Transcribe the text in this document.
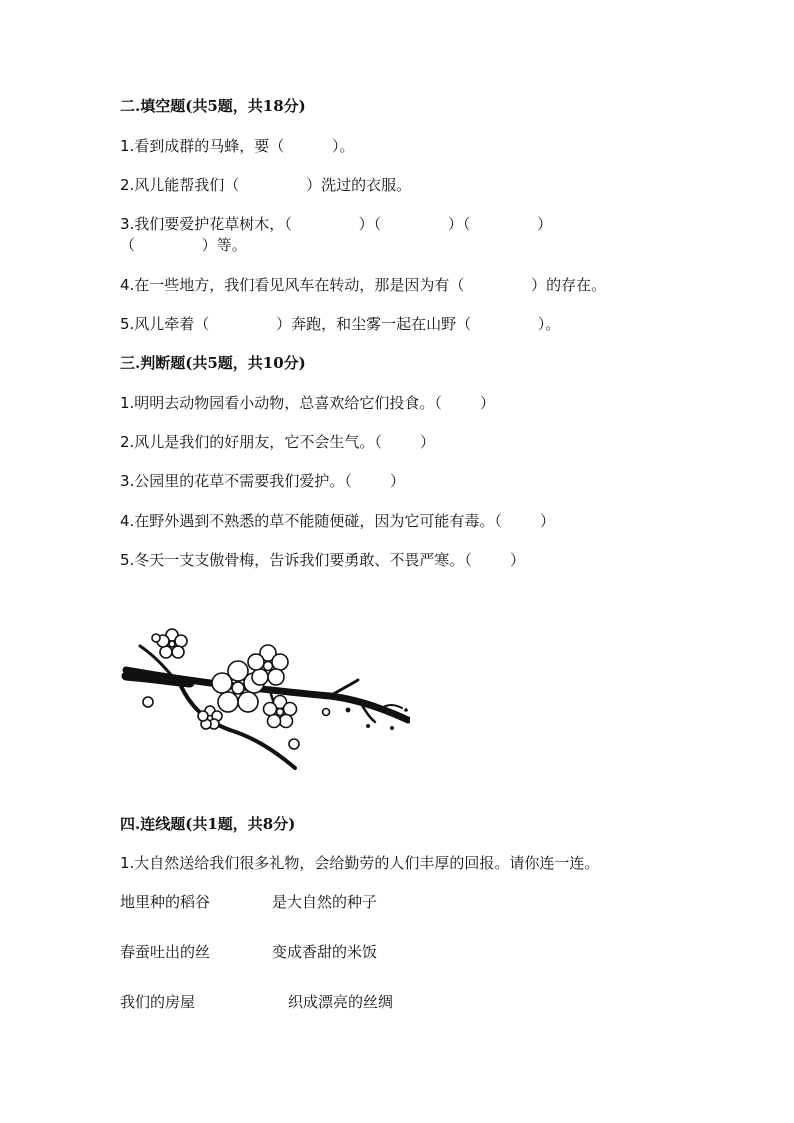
二.填空题(共5题，共18分)
1.看到成群的马蜂，要（          ）。
2.风儿能帮我们（              ）洗过的衣服。
3.我们要爱护花草树木，（              ）（              ）（              ）
（              ）等。
4.在一些地方，我们看见风车在转动，那是因为有（              ）的存在。
5.风儿牵着（              ）奔跑，和尘雾一起在山野（              ）。
三.判断题(共5题，共10分)
1.明明去动物园看小动物，总喜欢给它们投食。（        ）
2.风儿是我们的好朋友，它不会生气。（        ）
3.公园里的花草不需要我们爱护。（        ）
4.在野外遇到不熟悉的草不能随便碰，因为它可能有毒。（        ）
5.冬天一支支傲骨梅，告诉我们要勇敢、不畏严寒。（        ）
四.连线题(共1题，共8分)
1.大自然送给我们很多礼物，会给勤劳的人们丰厚的回报。请你连一连。
地里种的稻谷	是大自然的种子
春蚕吐出的丝	变成香甜的米饭
我们的房屋	织成漂亮的丝绸
